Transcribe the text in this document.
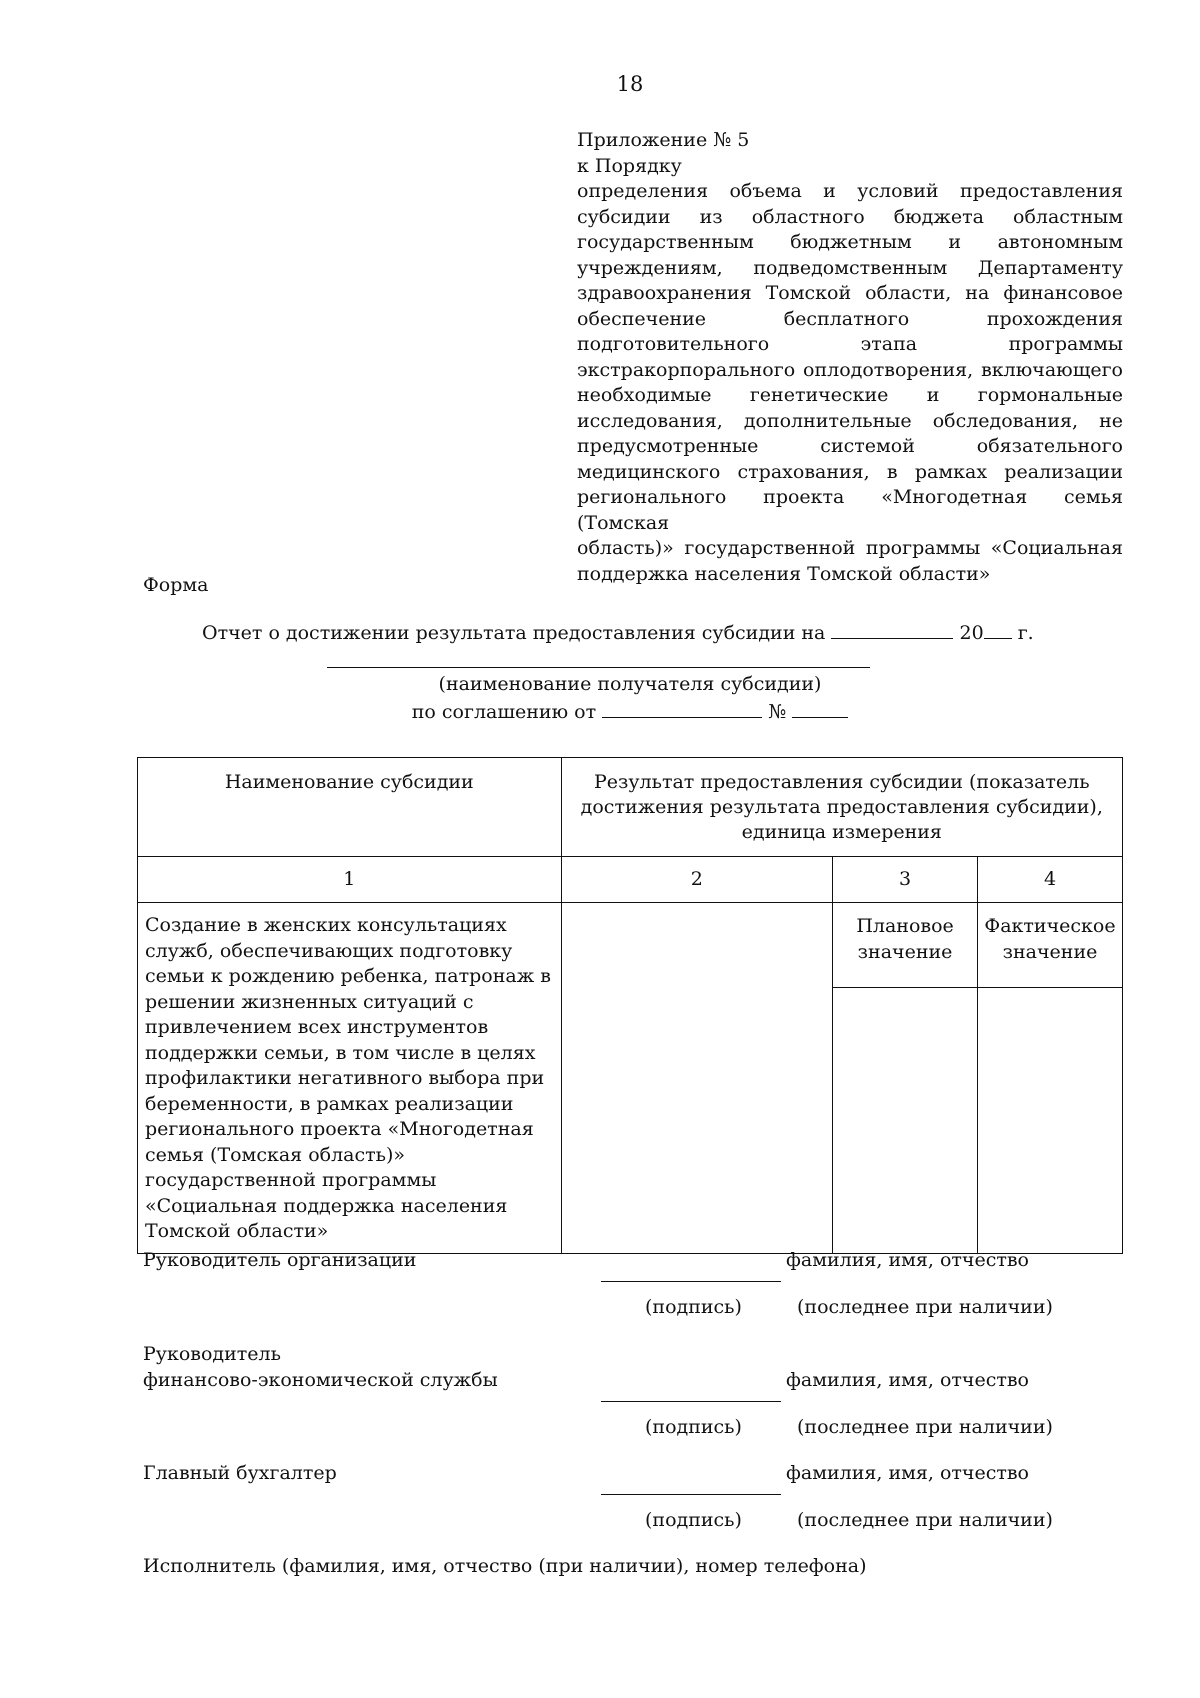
18
Приложение № 5
к Порядку
определения объема и условий предоставления
субсидии из областного бюджета областным
государственным бюджетным и автономным
учреждениям, подведомственным Департаменту
здравоохранения Томской области, на финансовое
обеспечение бесплатного прохождения
подготовительного этапа программы
экстракорпорального оплодотворения, включающего
необходимые генетические и гормональные
исследования, дополнительные обследования, не
предусмотренные системой обязательного
медицинского страхования, в рамках реализации
регионального проекта «Многодетная семья (Томская
область)» государственной программы «Социальная
поддержка населения Томской области»
Форма
Отчет о достижении результата предоставления субсидии на	20 г.
(наименование получателя субсидии)
по соглашению от	№
Наименование субсидии	Результат предоставления субсидии (показатель достижения результата предоставления субсидии), единица измерения		
1	2	3	4
Создание в женских консультациях служб, обеспечивающих подготовку семьи к рождению ребенка, патронаж в решении жизненных ситуаций с привлечением всех инструментов поддержки семьи, в том числе в целях профилактики негативного выбора при беременности, в рамках реализации регионального проекта «Многодетная семья (Томская область)» государственной программы «Социальная поддержка населения Томской области»		Плановое значение	Фактическое значение

Руководитель организации	фамилия, имя, отчество
(подпись)	(последнее при наличии)
Руководитель
финансово-экономической службы	фамилия, имя, отчество
(подпись)	(последнее при наличии)
Главный бухгалтер	фамилия, имя, отчество
(подпись)	(последнее при наличии)
Исполнитель (фамилия, имя, отчество (при наличии), номер телефона)
